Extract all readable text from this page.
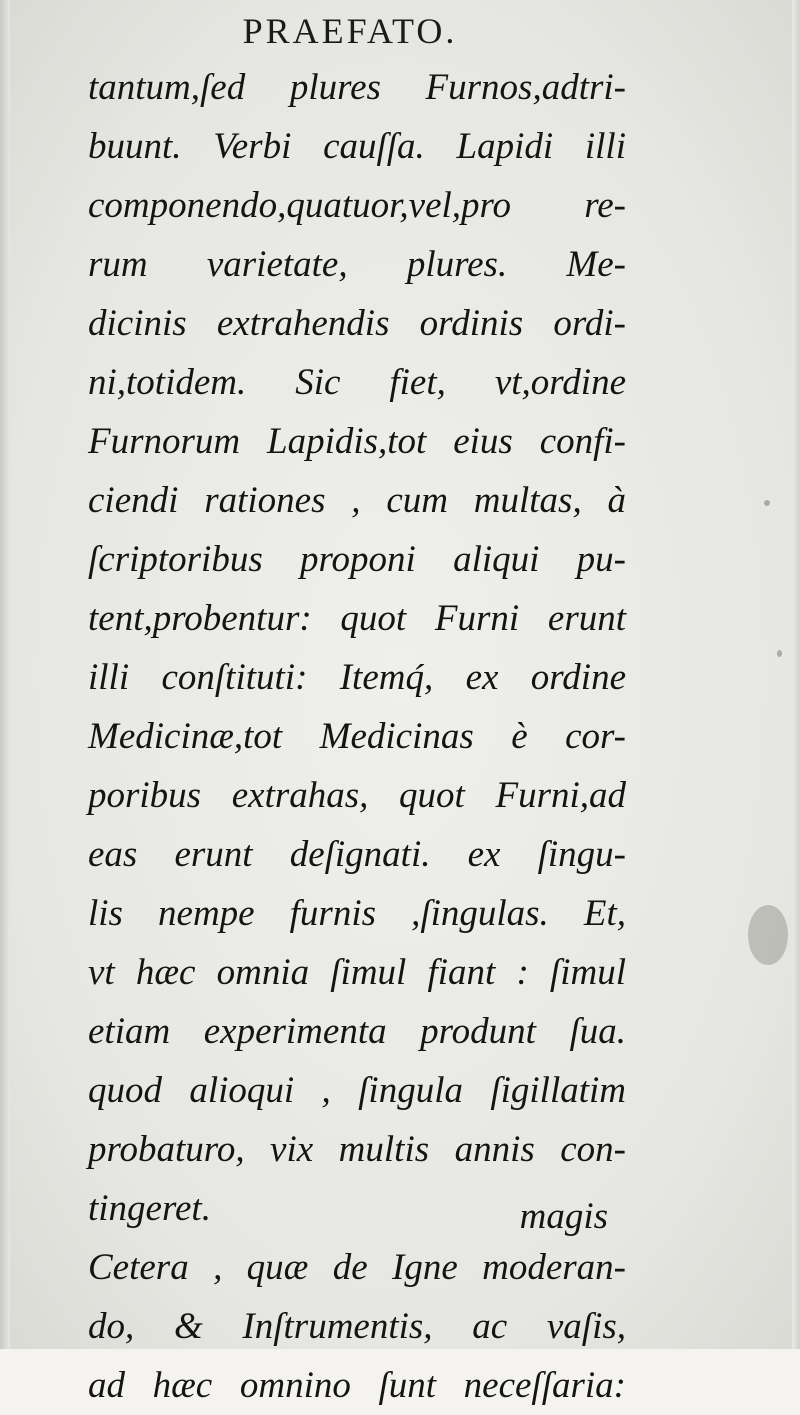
PRAEFATO.
tantum,ſed plures Furnos,adtri-
buunt. Verbi cauſſa. Lapidi illi
componendo,quatuor,vel,pro re-
rum varietate, plures. Me-
dicinis extrahendis ordinis ordi-
ni,totidem. Sic fiet, vt,ordine
Furnorum Lapidis,tot eius confi-
ciendi rationes , cum multas, à
ſcriptoribus proponi aliqui pu-
tent,probentur: quot Furni erunt
illi conſtituti: Itemq́, ex ordine
Medicinæ,tot Medicinas è cor-
poribus extrahas, quot Furni,ad
eas erunt deſignati. ex ſingu-
lis nempe furnis ,ſingulas. Et,
vt hæc omnia ſimul fiant : ſimul
etiam experimenta produnt ſua.
quod alioqui , ſingula ſigillatim
probaturo, vix multis annis con-
tingeret.
Cetera , quæ de Igne moderan-
do, & Inſtrumentis, ac vaſis,
ad hæc omnino ſunt neceſſaria:
magis
